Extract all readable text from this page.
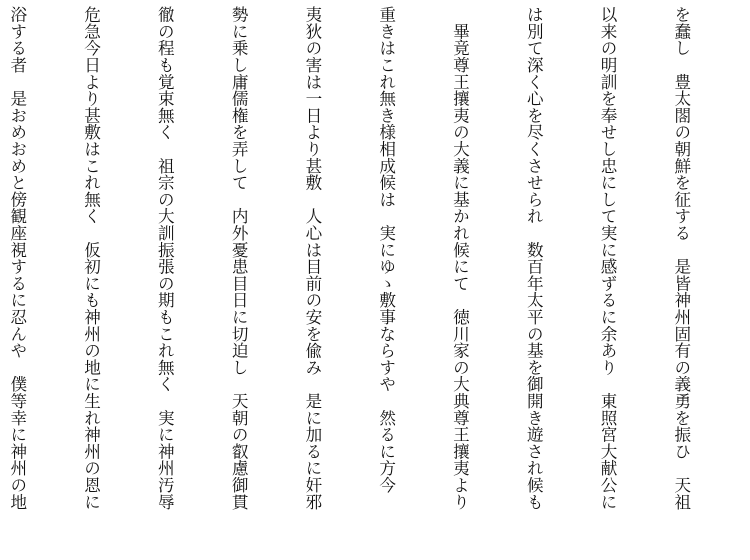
を蠢し　豊太閤の朝鮮を征する　是皆神州固有の義勇を振ひ　天祖

以来の明訓を奉せし忠にして実に感ずるに余あり　東照宮大献公に

は別て深く心を尽くさせられ　数百年太平の基を御開き遊され候も

　畢竟尊王攘夷の大義に基かれ候にて　徳川家の大典尊王攘夷より

重きはこれ無き様相成候は　実にゆゝ敷事ならすや　然るに方今

夷狄の害は一日より甚敷　人心は目前の安を偸み　是に加るに奸邪

勢に乗し庸儒権を弄して　内外憂患目日に切迫し　天朝の叡慮御貫

徹の程も覚束無く　祖宗の大訓振張の期もこれ無く　実に神州汚辱

危急今日より甚敷はこれ無く　仮初にも神州の地に生れ神州の恩に

浴する者　是おめおめと傍観座視するに忍んや　僕等幸に神州の地
